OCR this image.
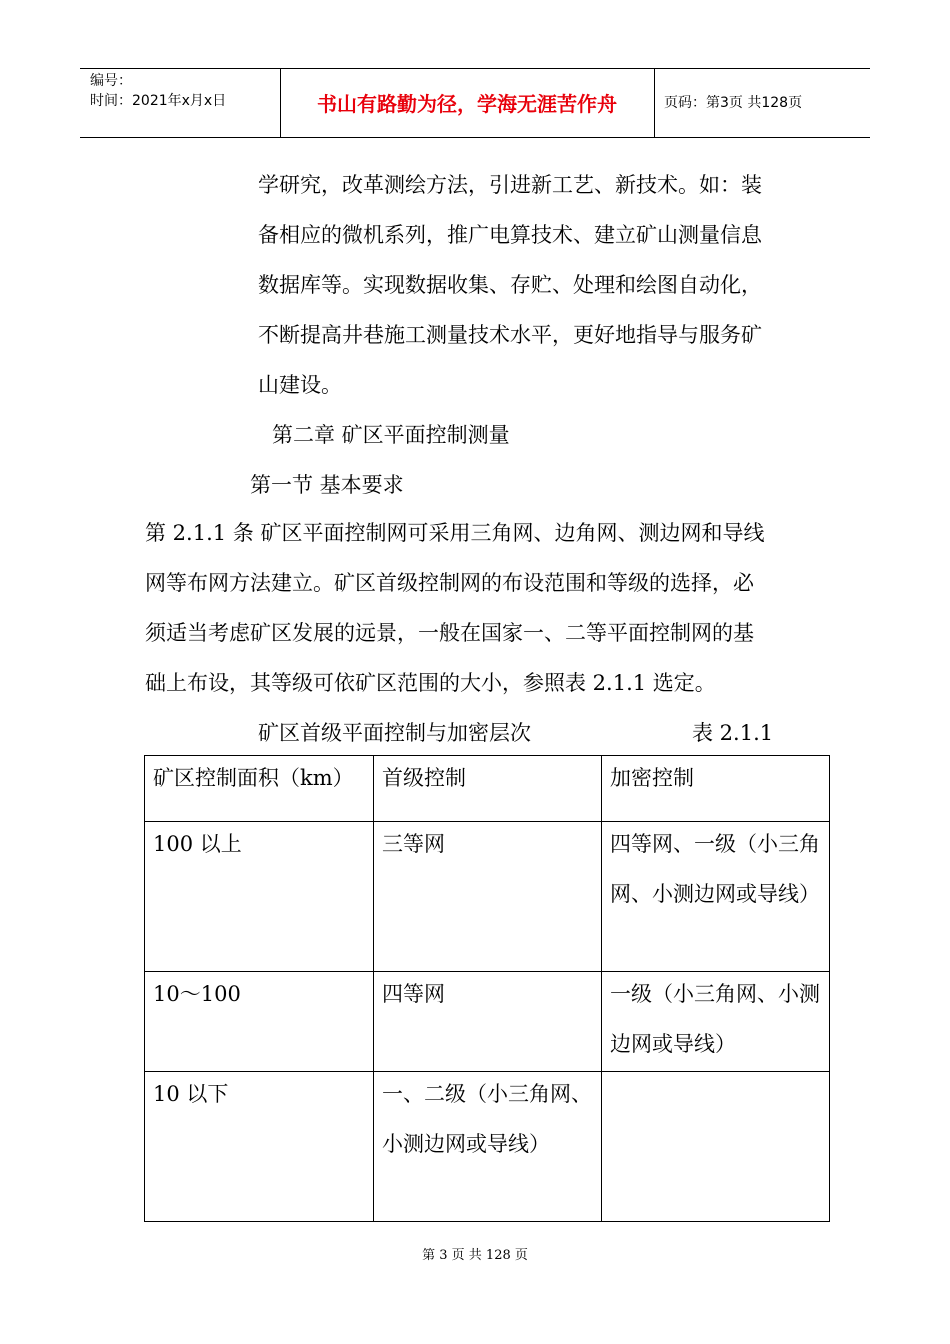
编号：
时间：2021年x月x日	书山有路勤为径，学海无涯苦作舟	页码：第3页 共128页
学研究，改革测绘方法，引进新工艺、新技术。如：装
备相应的微机系列，推广电算技术、建立矿山测量信息
数据库等。实现数据收集、存贮、处理和绘图自动化，
不断提高井巷施工测量技术水平，更好地指导与服务矿
山建设。
第二章 矿区平面控制测量
第一节 基本要求
第 2.1.1 条 矿区平面控制网可采用三角网、边角网、测边网和导线
网等布网方法建立。矿区首级控制网的布设范围和等级的选择，必
须适当考虑矿区发展的远景，一般在国家一、二等平面控制网的基
础上布设，其等级可依矿区范围的大小，参照表 2.1.1 选定。
矿区首级平面控制与加密层次	表 2.1.1
矿区控制面积（km）	首级控制	加密控制

100 以上	三等网	四等网、一级（小三角网、小测边网或导线）

10～100	四等网	一级（小三角网、小测边网或导线）

10 以下	一、二级（小三角网、小测边网或导线）	

第 3 页 共 128 页
